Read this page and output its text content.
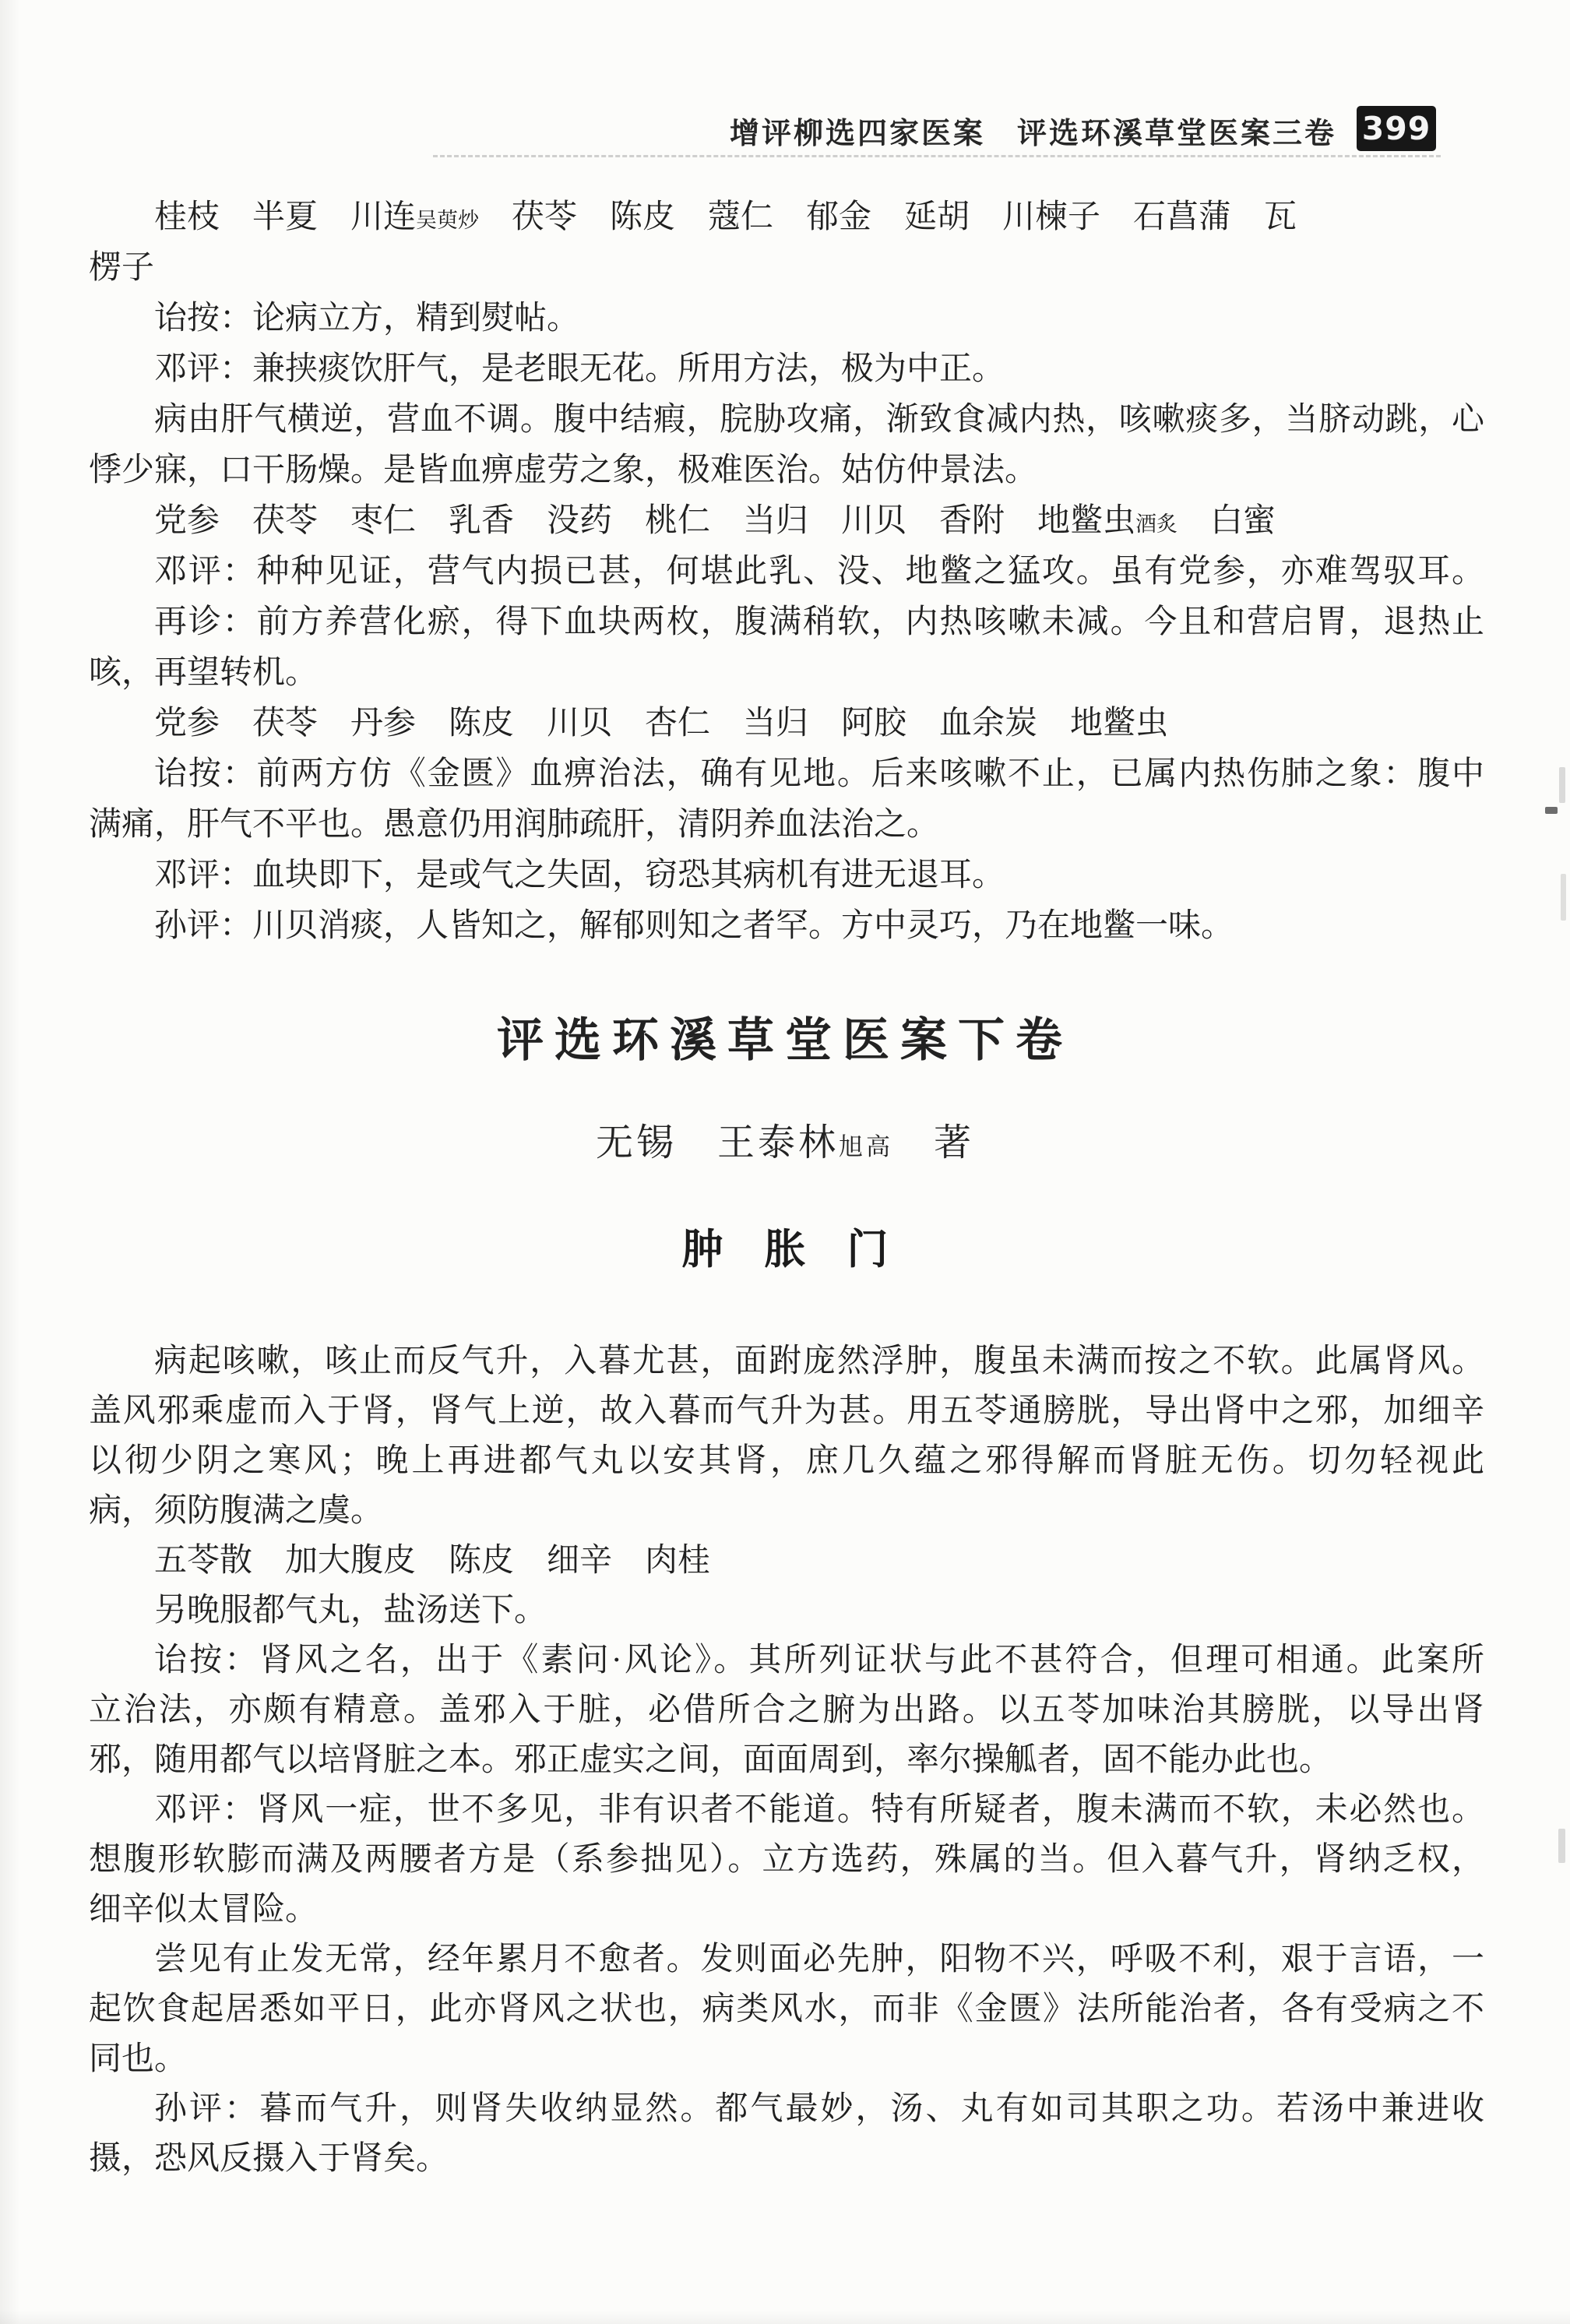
增评柳选四家医案　评选环溪草堂医案三卷 399
桂枝　半夏　川连吴萸炒　茯苓　陈皮　蔻仁　郁金　延胡　川楝子　石菖蒲　瓦
楞子
诒按：论病立方，精到熨帖。
邓评：兼挟痰饮肝气，是老眼无花。所用方法，极为中正。
病由肝气横逆，营血不调。腹中结瘕，脘胁攻痛，渐致食减内热，咳嗽痰多，当脐动跳，心
悸少寐，口干肠燥。是皆血痹虚劳之象，极难医治。姑仿仲景法。
党参　茯苓　枣仁　乳香　没药　桃仁　当归　川贝　香附　地鳖虫酒炙　白蜜
邓评：种种见证，营气内损已甚，何堪此乳、没、地鳖之猛攻。虽有党参，亦难驾驭耳。
再诊：前方养营化瘀，得下血块两枚，腹满稍软，内热咳嗽未减。今且和营启胃，退热止
咳，再望转机。
党参　茯苓　丹参　陈皮　川贝　杏仁　当归　阿胶　血余炭　地鳖虫
诒按：前两方仿《金匮》血痹治法，确有见地。后来咳嗽不止，已属内热伤肺之象：腹中
满痛，肝气不平也。愚意仍用润肺疏肝，清阴养血法治之。
邓评：血块即下，是或气之失固，窃恐其病机有进无退耳。
孙评：川贝消痰，人皆知之，解郁则知之者罕。方中灵巧，乃在地鳖一味。
评选环溪草堂医案下卷
无锡　王泰林旭高　著
肿　胀　门
病起咳嗽，咳止而反气升，入暮尤甚，面跗庞然浮肿，腹虽未满而按之不软。此属肾风。
盖风邪乘虚而入于肾，肾气上逆，故入暮而气升为甚。用五苓通膀胱，导出肾中之邪，加细辛
以彻少阴之寒风；晚上再进都气丸以安其肾，庶几久蕴之邪得解而肾脏无伤。切勿轻视此
病，须防腹满之虞。
五苓散　加大腹皮　陈皮　细辛　肉桂
另晚服都气丸，盐汤送下。
诒按：肾风之名，出于《素问·风论》。其所列证状与此不甚符合，但理可相通。此案所
立治法，亦颇有精意。盖邪入于脏，必借所合之腑为出路。以五苓加味治其膀胱，以导出肾
邪，随用都气以培肾脏之本。邪正虚实之间，面面周到，率尔操觚者，固不能办此也。
邓评：肾风一症，世不多见，非有识者不能道。特有所疑者，腹未满而不软，未必然也。
想腹形软膨而满及两腰者方是（系参拙见）。立方选药，殊属的当。但入暮气升，肾纳乏权，
细辛似太冒险。
尝见有止发无常，经年累月不愈者。发则面必先肿，阳物不兴，呼吸不利，艰于言语，一
起饮食起居悉如平日，此亦肾风之状也，病类风水，而非《金匮》法所能治者，各有受病之不
同也。
孙评：暮而气升，则肾失收纳显然。都气最妙，汤、丸有如司其职之功。若汤中兼进收
摄，恐风反摄入于肾矣。
